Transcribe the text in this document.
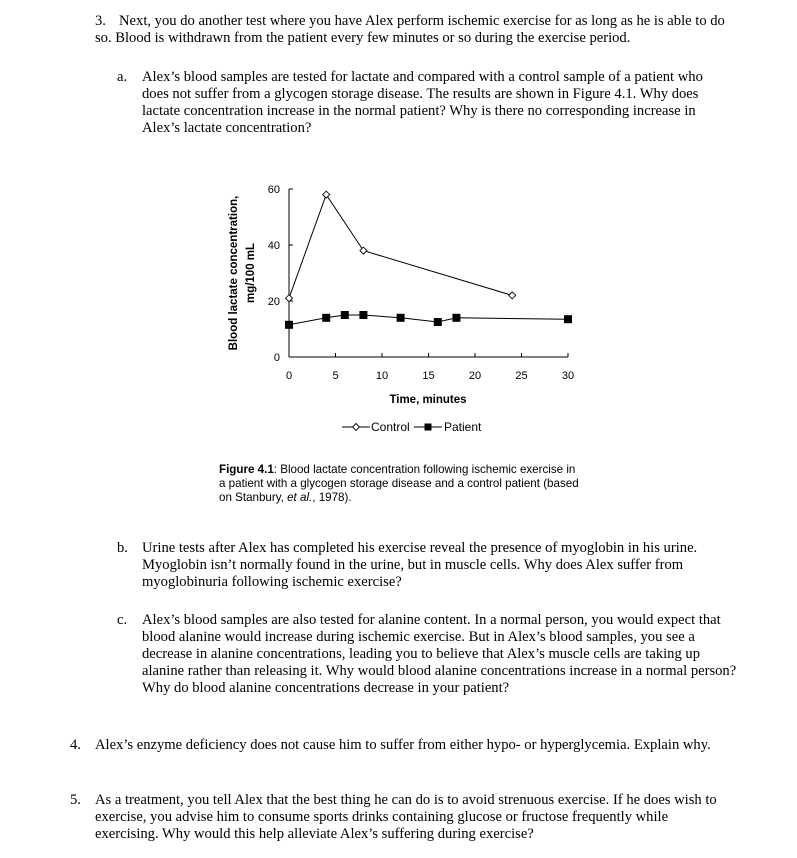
3. Next, you do another test where you have Alex perform ischemic exercise for as long as he is able to do so. Blood is withdrawn from the patient every few minutes or so during the exercise period.
a. Alex’s blood samples are tested for lactate and compared with a control sample of a patient who does not suffer from a glycogen storage disease. The results are shown in Figure 4.1. Why does lactate concentration increase in the normal patient? Why is there no corresponding increase in Alex’s lactate concentration?
0
20
40
60
0	5	10	15	20	25	30
Blood lactate concentration, mg/100 mL
Time, minutes
Control	Patient
Figure 4.1: Blood lactate concentration following ischemic exercise in a patient with a glycogen storage disease and a control patient (based on Stanbury, et al., 1978).
b. Urine tests after Alex has completed his exercise reveal the presence of myoglobin in his urine. Myoglobin isn’t normally found in the urine, but in muscle cells. Why does Alex suffer from myoglobinuria following ischemic exercise?
c. Alex’s blood samples are also tested for alanine content. In a normal person, you would expect that blood alanine would increase during ischemic exercise. But in Alex’s blood samples, you see a decrease in alanine concentrations, leading you to believe that Alex’s muscle cells are taking up alanine rather than releasing it. Why would blood alanine concentrations increase in a normal person? Why do blood alanine concentrations decrease in your patient?
4. Alex’s enzyme deficiency does not cause him to suffer from either hypo- or hyperglycemia. Explain why.
5. As a treatment, you tell Alex that the best thing he can do is to avoid strenuous exercise. If he does wish to exercise, you advise him to consume sports drinks containing glucose or fructose frequently while exercising. Why would this help alleviate Alex’s suffering during exercise?
